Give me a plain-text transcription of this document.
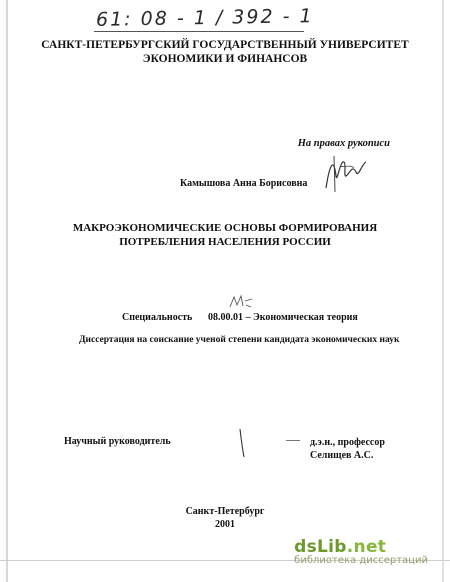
61: 08 - 1 / 392 - 1
САНКТ-ПЕТЕРБУРГСКИЙ ГОСУДАРСТВЕННЫЙ УНИВЕРСИТЕТ
ЭКОНОМИКИ И ФИНАНСОВ
На правах рукописи
Камышова Анна Борисовна
МАКРОЭКОНОМИЧЕСКИЕ ОСНОВЫ ФОРМИРОВАНИЯ
ПОТРЕБЛЕНИЯ НАСЕЛЕНИЯ РОССИИ
Специальность 08.00.01 – Экономическая теория
Диссертация на соискание ученой степени кандидата экономических наук
Научный руководитель	д.э.н., профессор
Селищев А.С.
Санкт-Петербург
2001
dsLib.net
библиотека диссертаций
